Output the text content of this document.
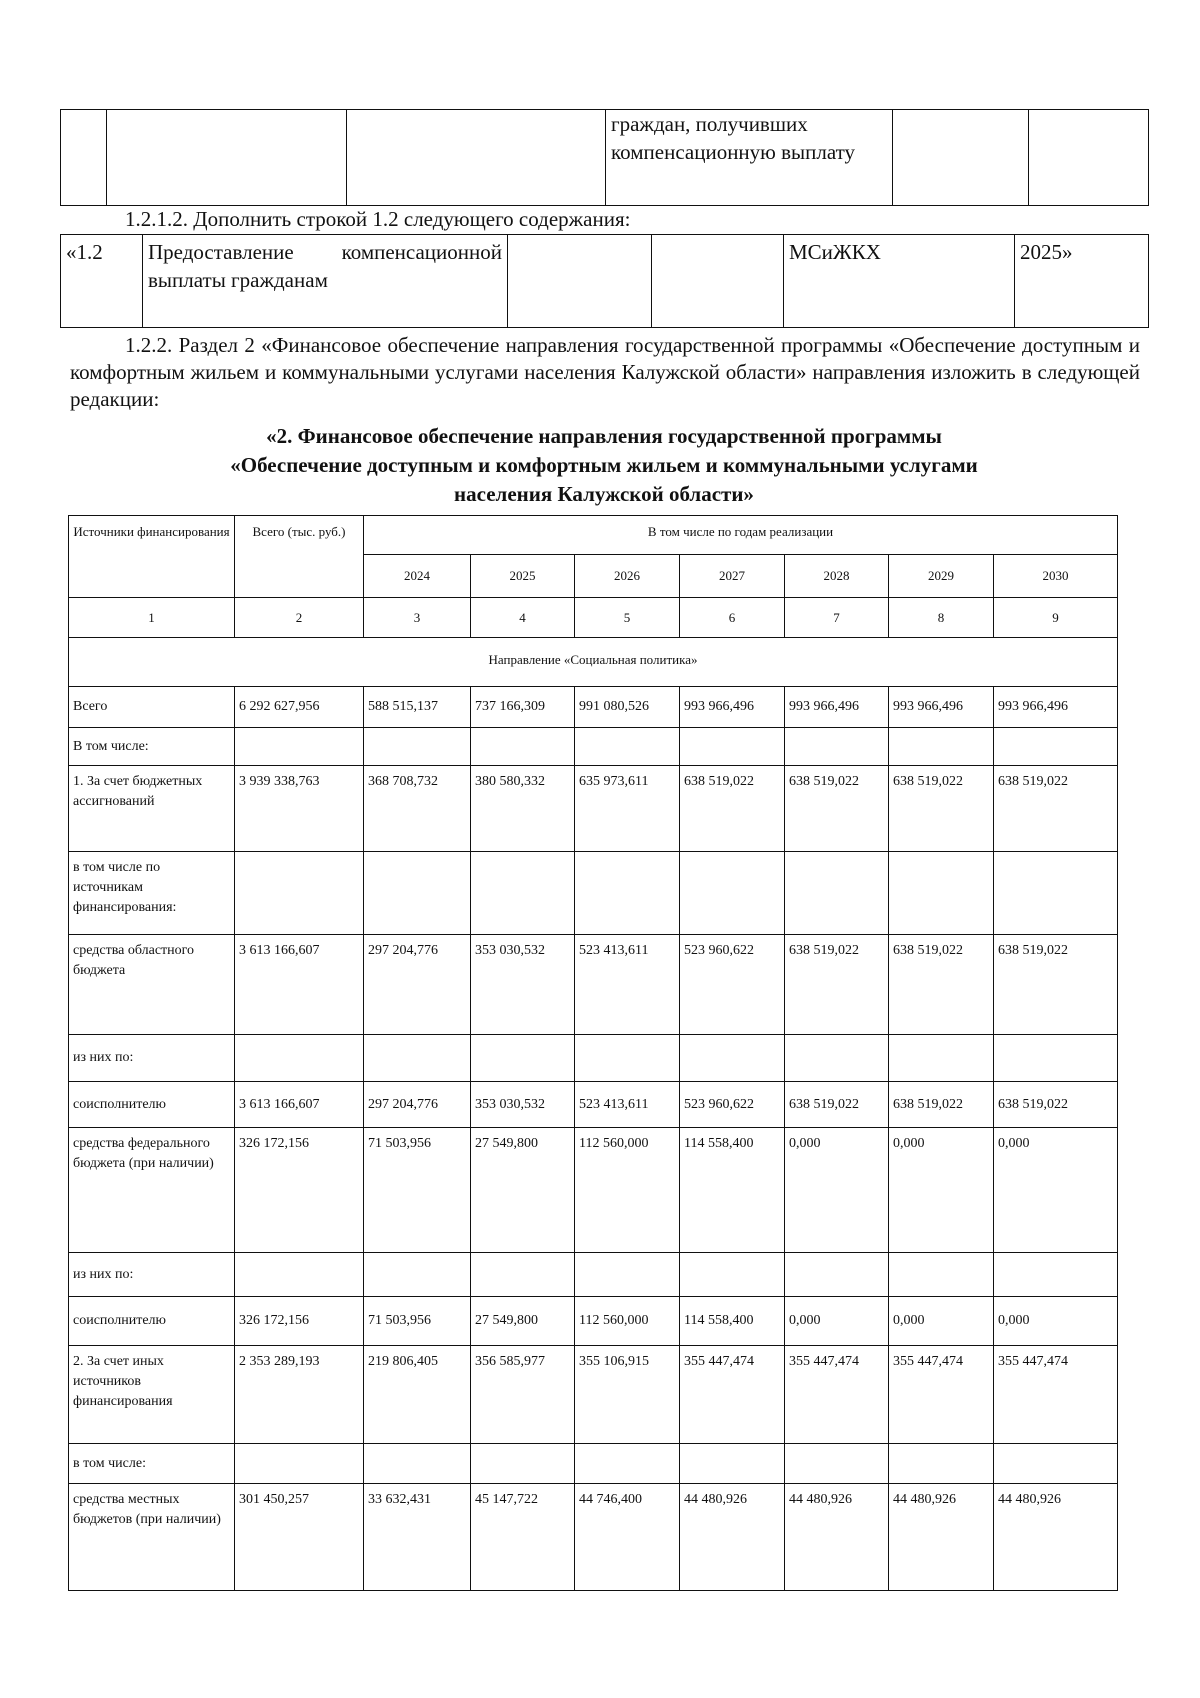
			граждан, получивших компенсационную выплату		
1.2.1.2. Дополнить строкой 1.2 следующего содержания:
«1.2	Предоставление компенсационной выплаты гражданам			МСиЖКХ	2025»
1.2.2. Раздел 2 «Финансовое обеспечение направления государственной программы «Обеспечение доступным и комфортным жильем и коммунальными услугами населения Калужской области» направления изложить в следующей редакции:
«2. Финансовое обеспечение направления государственной программы
«Обеспечение доступным и комфортным жильем и коммунальными услугами
населения Калужской области»
Источники финансирования	Всего (тыс. руб.)	В том числе по годам реализации						
		2024	2025	2026	2027	2028	2029	2030
1	2	3	4	5	6	7	8	9
Направление «Социальная политика»								
Всего	6 292 627,956	588 515,137	737 166,309	991 080,526	993 966,496	993 966,496	993 966,496	993 966,496
В том числе:								
1. За счет бюджетных ассигнований	3 939 338,763	368 708,732	380 580,332	635 973,611	638 519,022	638 519,022	638 519,022	638 519,022
в том числе по источникам финансирования:								
средства областного бюджета	3 613 166,607	297 204,776	353 030,532	523 413,611	523 960,622	638 519,022	638 519,022	638 519,022
из них по:								
соисполнителю	3 613 166,607	297 204,776	353 030,532	523 413,611	523 960,622	638 519,022	638 519,022	638 519,022
средства федерального бюджета (при наличии)	326 172,156	71 503,956	27 549,800	112 560,000	114 558,400	0,000	0,000	0,000
из них по:								
соисполнителю	326 172,156	71 503,956	27 549,800	112 560,000	114 558,400	0,000	0,000	0,000
2. За счет иных источников финансирования	2 353 289,193	219 806,405	356 585,977	355 106,915	355 447,474	355 447,474	355 447,474	355 447,474
в том числе:								
средства местных бюджетов (при наличии)	301 450,257	33 632,431	45 147,722	44 746,400	44 480,926	44 480,926	44 480,926	44 480,926
